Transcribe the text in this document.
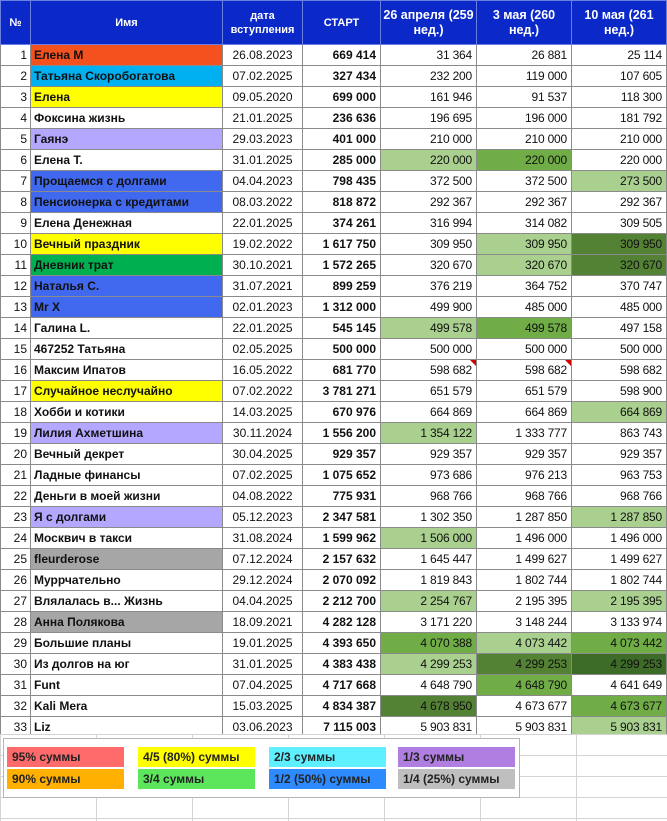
№	Имя	дата вступления	СТАРТ	26 апреля (259 нед.)	3 мая (260 нед.)	10 мая (261 нед.)
1	Елена М	26.08.2023	669 414	31 364	26 881	25 114
2	Татьяна Скоробогатова	07.02.2025	327 434	232 200	119 000	107 605
3	Елена	09.05.2020	699 000	161 946	91 537	118 300
4	Фоксина жизнь	21.01.2025	236 636	196 695	196 000	181 792
5	Гаянэ	29.03.2023	401 000	210 000	210 000	210 000
6	Елена Т.	31.01.2025	285 000	220 000	220 000	220 000
7	Прощаемся с долгами	04.04.2023	798 435	372 500	372 500	273 500
8	Пенсионерка с кредитами	08.03.2022	818 872	292 367	292 367	292 367
9	Елена Денежная	22.01.2025	374 261	316 994	314 082	309 505
10	Вечный праздник	19.02.2022	1 617 750	309 950	309 950	309 950
11	Дневник трат	30.10.2021	1 572 265	320 670	320 670	320 670
12	Наталья С.	31.07.2021	899 259	376 219	364 752	370 747
13	Mr X	02.01.2023	1 312 000	499 900	485 000	485 000
14	Галина L.	22.01.2025	545 145	499 578	499 578	497 158
15	467252 Татьяна	02.05.2025	500 000	500 000	500 000	500 000
16	Максим Ипатов	16.05.2022	681 770	598 682	598 682	598 682
17	Случайное неслучайно	07.02.2022	3 781 271	651 579	651 579	598 900
18	Хобби и котики	14.03.2025	670 976	664 869	664 869	664 869
19	Лилия Ахметшина	30.11.2024	1 556 200	1 354 122	1 333 777	863 743
20	Вечный декрет	30.04.2025	929 357	929 357	929 357	929 357
21	Ладные финансы	07.02.2025	1 075 652	973 686	976 213	963 753
22	Деньги в моей жизни	04.08.2022	775 931	968 766	968 766	968 766
23	Я с долгами	05.12.2023	2 347 581	1 302 350	1 287 850	1 287 850
24	Москвич в такси	31.08.2024	1 599 962	1 506 000	1 496 000	1 496 000
25	fleurderose	07.12.2024	2 157 632	1 645 447	1 499 627	1 499 627
26	Муррчательно	29.12.2024	2 070 092	1 819 843	1 802 744	1 802 744
27	Влялалась в... Жизнь	04.04.2025	2 212 700	2 254 767	2 195 395	2 195 395
28	Анна Полякова	18.09.2021	4 282 128	3 171 220	3 148 244	3 133 974
29	Большие планы	19.01.2025	4 393 650	4 070 388	4 073 442	4 073 442
30	Из долгов на юг	31.01.2025	4 383 438	4 299 253	4 299 253	4 299 253
31	Funt	07.04.2025	4 717 668	4 648 790	4 648 790	4 641 649
32	Kali Mera	15.03.2025	4 834 387	4 678 950	4 673 677	4 673 677
33	Liz	03.06.2023	7 115 003	5 903 831	5 903 831	5 903 831
95% суммы
90% суммы
4/5 (80%) суммы
3/4 суммы
2/3 суммы
1/2 (50%) суммы
1/3 суммы
1/4 (25%) суммы
